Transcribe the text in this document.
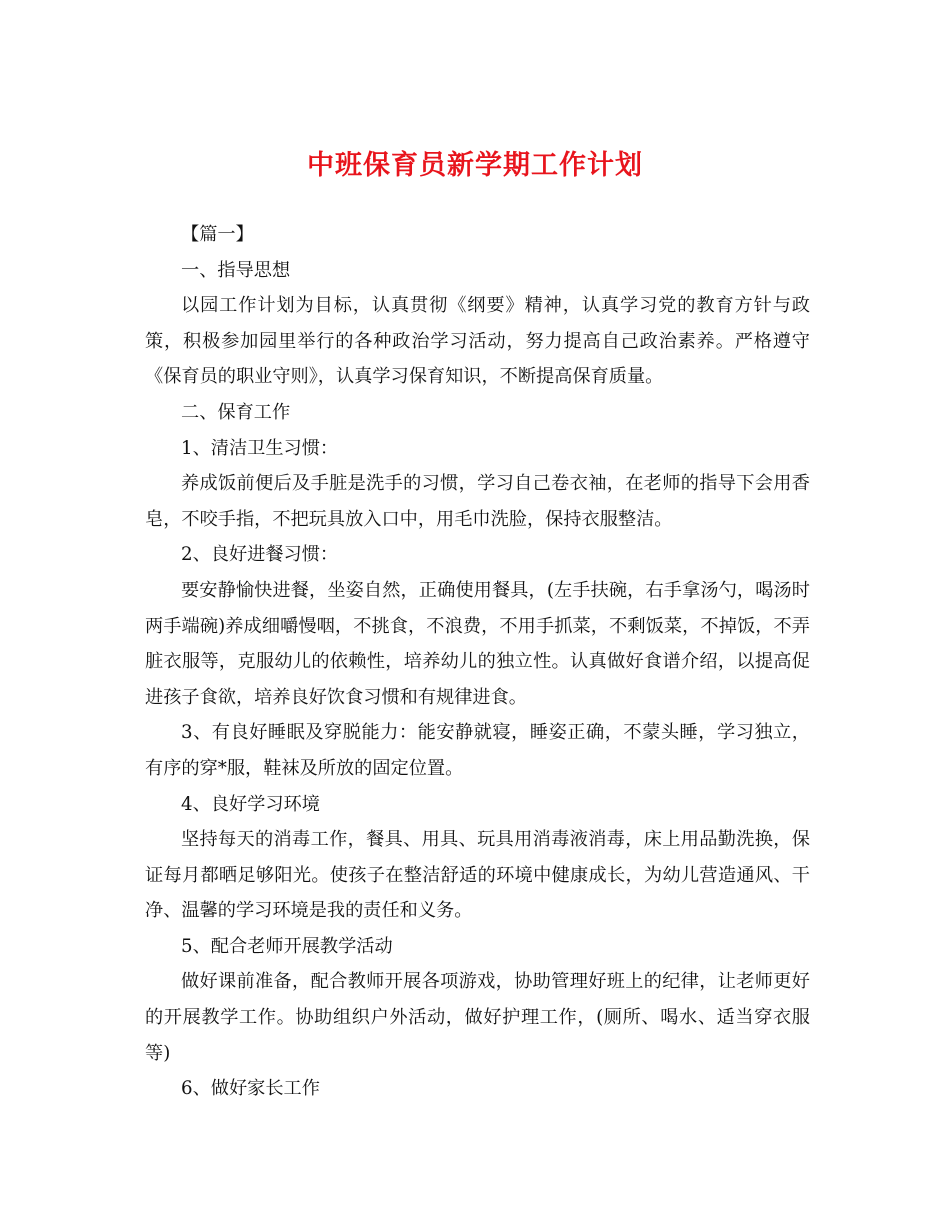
中班保育员新学期工作计划

【篇一】

一、指导思想

以园工作计划为目标，认真贯彻《纲要》精神，认真学习党的教育方针与政策，积极参加园里举行的各种政治学习活动，努力提高自己政治素养。严格遵守《保育员的职业守则》，认真学习保育知识，不断提高保育质量。

二、保育工作

1、清洁卫生习惯：

养成饭前便后及手脏是洗手的习惯，学习自己卷衣袖，在老师的指导下会用香皂，不咬手指，不把玩具放入口中，用毛巾洗脸，保持衣服整洁。

2、良好进餐习惯：

要安静愉快进餐，坐姿自然，正确使用餐具，(左手扶碗，右手拿汤勺，喝汤时两手端碗)养成细嚼慢咽，不挑食，不浪费，不用手抓菜，不剩饭菜，不掉饭，不弄脏衣服等，克服幼儿的依赖性，培养幼儿的独立性。认真做好食谱介绍，以提高促进孩子食欲，培养良好饮食习惯和有规律进食。

3、有良好睡眠及穿脱能力：能安静就寝，睡姿正确，不蒙头睡，学习独立，有序的穿*服，鞋袜及所放的固定位置。

4、良好学习环境

坚持每天的消毒工作，餐具、用具、玩具用消毒液消毒，床上用品勤洗换，保证每月都晒足够阳光。使孩子在整洁舒适的环境中健康成长，为幼儿营造通风、干净、温馨的学习环境是我的责任和义务。

5、配合老师开展教学活动

做好课前准备，配合教师开展各项游戏，协助管理好班上的纪律，让老师更好的开展教学工作。协助组织户外活动，做好护理工作，(厕所、喝水、适当穿衣服等)

6、做好家长工作
